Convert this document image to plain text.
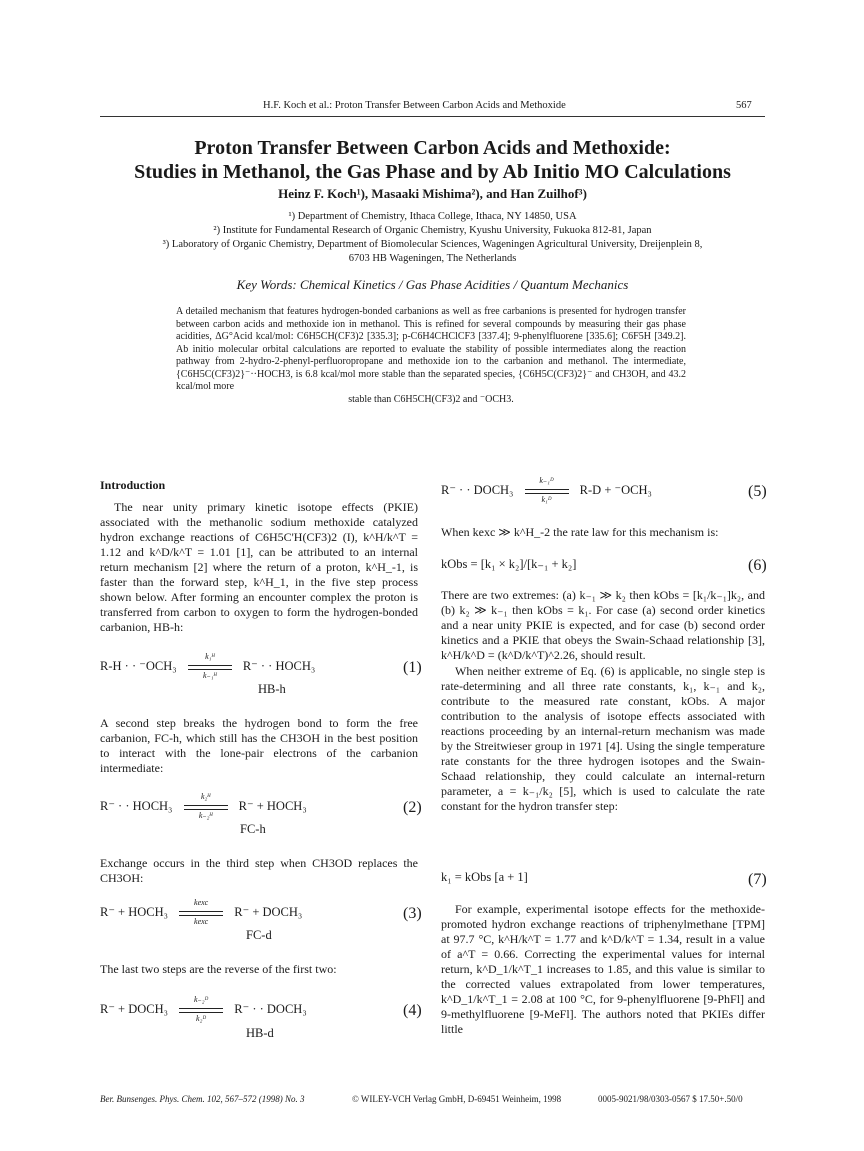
H.F. Koch et al.: Proton Transfer Between Carbon Acids and Methoxide	567
Proton Transfer Between Carbon Acids and Methoxide:
Studies in Methanol, the Gas Phase and by Ab Initio MO Calculations
Heinz F. Koch¹), Masaaki Mishima²), and Han Zuilhof³)
¹) Department of Chemistry, Ithaca College, Ithaca, NY 14850, USA
²) Institute for Fundamental Research of Organic Chemistry, Kyushu University, Fukuoka 812-81, Japan
³) Laboratory of Organic Chemistry, Department of Biomolecular Sciences, Wageningen Agricultural University, Dreijenplein 8,
6703 HB Wageningen, The Netherlands
Key Words: Chemical Kinetics / Gas Phase Acidities / Quantum Mechanics
A detailed mechanism that features hydrogen-bonded carbanions as well as free carbanions is presented for hydrogen transfer between carbon acids and methoxide ion in methanol. This is refined for several compounds by measuring their gas phase acidities, ΔG°Acid kcal/mol: C6H5CH(CF3)2 [335.3]; p-C6H4CHClCF3 [337.4]; 9-phenylfluorene [335.6]; C6F5H [349.2]. Ab initio molecular orbital calculations are reported to evaluate the stability of possible intermediates along the reaction pathway from 2-hydro-2-phenyl-perfluoropropane and methoxide ion to the carbanion and methanol. The intermediate, {C6H5C(CF3)2}⁻··HOCH3, is 6.8 kcal/mol more stable than the separated species, {C6H5C(CF3)2}⁻ and CH3OH, and 43.2 kcal/mol more
stable than C6H5CH(CF3)2 and ⁻OCH3.
Introduction
The near unity primary kinetic isotope effects (PKIE) associated with the methanolic sodium methoxide catalyzed hydron exchange reactions of C6H5C'H(CF3)2 (I), k^H/k^T = 1.12 and k^D/k^T = 1.01 [1], can be attributed to an internal return mechanism [2] where the return of a proton, k^H_-1, is faster than the forward step, k^H_1, in the five step process shown below. After forming an encounter complex the proton is transferred from carbon to oxygen to form the hydrogen-bonded carbanion, HB-h:
R-H · · $^-OCH_3 \frac{\text{k₁ᴴ}}{\text{k₋₁ᴴ}} R^-$ · · HOCH₃	(1)
HB-h
A second step breaks the hydrogen bond to form the free carbanion, FC-h, which still has the CH3OH in the best position to interact with the lone-pair electrons of the carbanion intermediate:
R⁻ · · HOCH₃ $\frac{\text{k₂ᴴ}}{\text{k₋₂ᴴ}} R^-$ + HOCH₃	(2)
FC-h
Exchange occurs in the third step when CH3OD replaces the CH3OH:
R⁻ + HOCH₃
kexc
kexc
R⁻ + DOCH₃	(3)
FC-d
The last two steps are the reverse of the first two:
R⁻ + DOCH₃ $\frac{\text{k₋₂ᴰ}}{\text{k₂ᴰ}} R^-$ · · DOCH₃	(4)
HB-d
R⁻ · · DOCH₃ $\frac{\text{k₋₁ᴰ}}{\text{k₁ᴰ}} R-D + ^-OCH_3$	(5)
When kexc ≫ k^H_-2 the rate law for this mechanism is:
kObs = [k₁ × k₂]/[k₋₁ + k₂]	(6)
There are two extremes: (a) k₋₁ ≫ k₂ then kObs = [k₁/k₋₁]k₂, and (b) k₂ ≫ k₋₁ then kObs = k₁. For case (a) second order kinetics and a near unity PKIE is expected, and for case (b) second order kinetics and a PKIE that obeys the Swain-Schaad relationship [3], k^H/k^D = (k^D/k^T)^2.26, should result.
When neither extreme of Eq. (6) is applicable, no single step is rate-determining and all three rate constants, k₁, k₋₁ and k₂, contribute to the measured rate constant, kObs. A major contribution to the analysis of isotope effects associated with reactions proceeding by an internal-return mechanism was made by the Streitwieser group in 1971 [4]. Using the single temperature rate constants for the three hydrogen isotopes and the Swain-Schaad relationship, they could calculate an internal-return parameter, a = k₋₁/k₂ [5], which is used to calculate the rate constant for the hydron transfer step:
k₁ = kObs [a + 1]	(7)
For example, experimental isotope effects for the methoxide-promoted hydron exchange reactions of triphenylmethane [TPM] at 97.7 °C, k^H/k^T = 1.77 and k^D/k^T = 1.34, result in a value of a^T = 0.66. Correcting the experimental values for internal return, k^D_1/k^T_1 increases to 1.85, and this value is similar to the corrected values extrapolated from lower temperatures, k^D_1/k^T_1 = 2.08 at 100 °C, for 9-phenylfluorene [9-PhFl] and 9-methylfluorene [9-MeFl]. The authors noted that PKIEs differ little
Ber. Bunsenges. Phys. Chem. 102, 567–572 (1998) No. 3	© WILEY-VCH Verlag GmbH, D-69451 Weinheim, 1998	0005-9021/98/0303-0567 $ 17.50+.50/0
